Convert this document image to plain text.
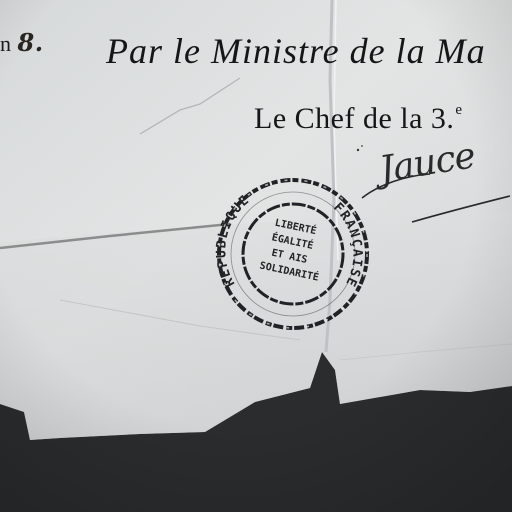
n 8. Par le Ministre de la Ma
Le Chef de la 3.$^e$
Jauce
